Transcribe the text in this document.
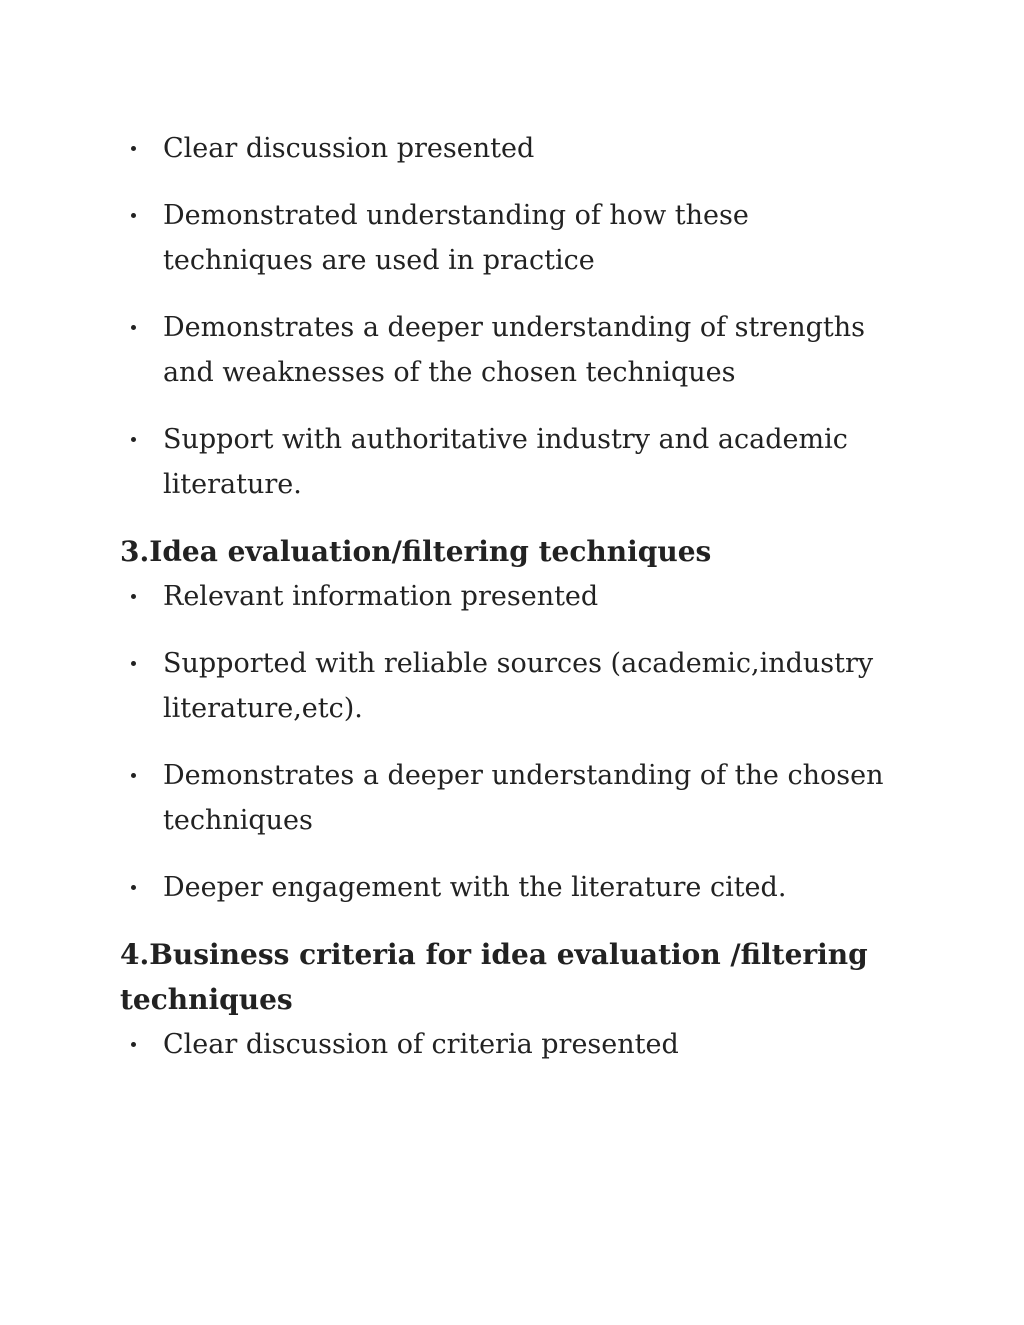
Clear discussion presented
Demonstrated understanding of how these techniques are used in practice
Demonstrates a deeper understanding of strengths and weaknesses of the chosen techniques
Support with authoritative industry and academic literature.
3.Idea evaluation/filtering techniques
Relevant information presented
Supported with reliable sources (academic,industry literature,etc).
Demonstrates a deeper understanding of the chosen techniques
Deeper engagement with the literature cited.
4.Business criteria for idea evaluation /filtering techniques
Clear discussion of criteria presented
